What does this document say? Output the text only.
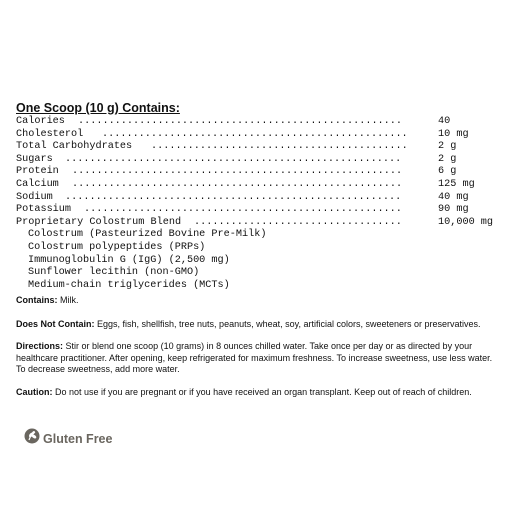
One Scoop (10 g) Contains:
Calories .....................................................	40
Cholesterol ..................................................	10 mg
Total Carbohydrates ..........................................	2 g
Sugars .......................................................	2 g
Protein ......................................................	6 g
Calcium ......................................................	125 mg
Sodium .......................................................	40 mg
Potassium ....................................................	90 mg
Proprietary Colostrum Blend ..................................	10,000 mg
Colostrum (Pasteurized Bovine Pre-Milk)
Colostrum polypeptides (PRPs)
Immunoglobulin G (IgG) (2,500 mg)
Sunflower lecithin (non-GMO)
Medium-chain triglycerides (MCTs)

Contains: Milk.

Does Not Contain: Eggs, fish, shellfish, tree nuts, peanuts, wheat, soy, artificial colors, sweeteners or preservatives.

Directions: Stir or blend one scoop (10 grams) in 8 ounces chilled water. Take once per day or as directed by your healthcare practitioner. After opening, keep refrigerated for maximum freshness. To increase sweetness, use less water. To decrease sweetness, add more water.

Caution: Do not use if you are pregnant or if you have received an organ transplant. Keep out of reach of children.

Gluten Free
